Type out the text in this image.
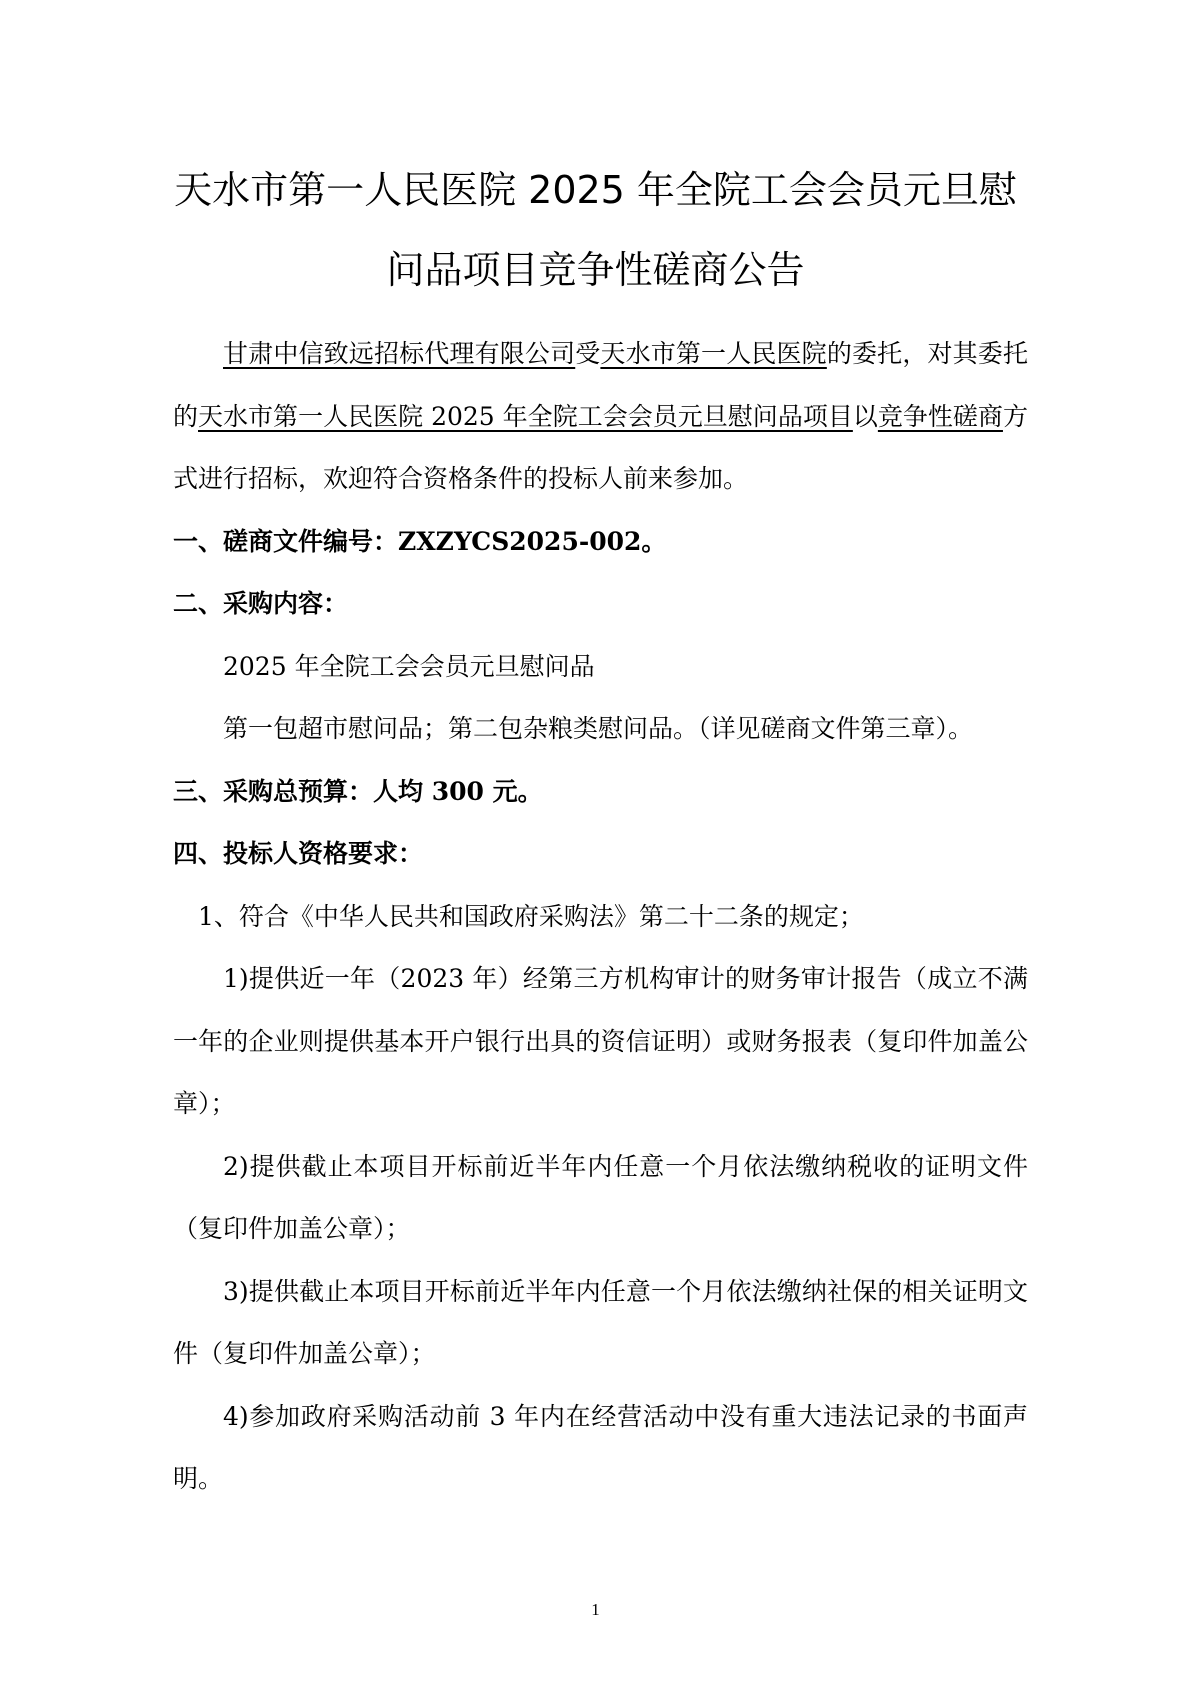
天水市第一人民医院 2025 年全院工会会员元旦慰
问品项目竞争性磋商公告

甘肃中信致远招标代理有限公司受天水市第一人民医院的委托，对其委托的天水市第一人民医院 2025 年全院工会会员元旦慰问品项目以竞争性磋商方式进行招标，欢迎符合资格条件的投标人前来参加。

一、磋商文件编号：ZXZYCS2025-002。

二、采购内容：

2025 年全院工会会员元旦慰问品

第一包超市慰问品；第二包杂粮类慰问品。（详见磋商文件第三章）。

三、采购总预算：人均 300 元。

四、投标人资格要求：

1、符合《中华人民共和国政府采购法》第二十二条的规定；

1)提供近一年（2023 年）经第三方机构审计的财务审计报告（成立不满一年的企业则提供基本开户银行出具的资信证明）或财务报表（复印件加盖公章）；

2)提供截止本项目开标前近半年内任意一个月依法缴纳税收的证明文件（复印件加盖公章）；

3)提供截止本项目开标前近半年内任意一个月依法缴纳社保的相关证明文件（复印件加盖公章）；

4)参加政府采购活动前 3 年内在经营活动中没有重大违法记录的书面声明。

1
